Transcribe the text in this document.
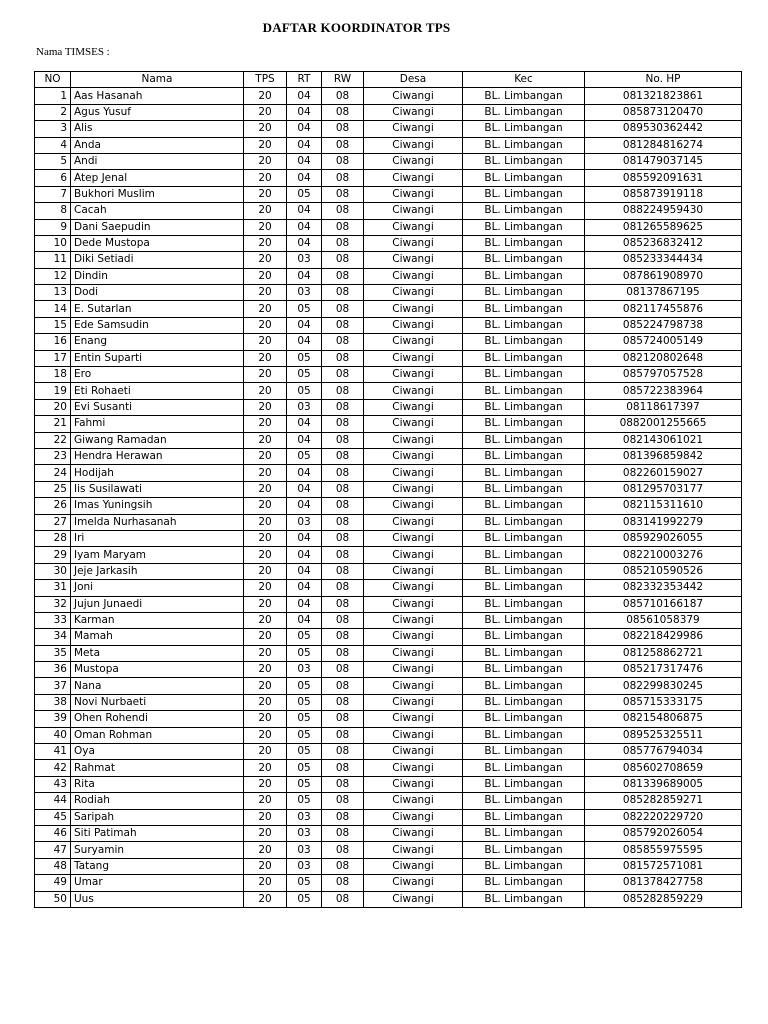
DAFTAR KOORDINATOR TPS
Nama TIMSES :
NO	Nama	TPS	RT	RW	Desa	Kec	No. HP
1	Aas Hasanah	20	04	08	Ciwangi	BL. Limbangan	081321823861
2	Agus Yusuf	20	04	08	Ciwangi	BL. Limbangan	085873120470
3	Alis	20	04	08	Ciwangi	BL. Limbangan	089530362442
4	Anda	20	04	08	Ciwangi	BL. Limbangan	081284816274
5	Andi	20	04	08	Ciwangi	BL. Limbangan	081479037145
6	Atep Jenal	20	04	08	Ciwangi	BL. Limbangan	085592091631
7	Bukhori Muslim	20	05	08	Ciwangi	BL. Limbangan	085873919118
8	Cacah	20	04	08	Ciwangi	BL. Limbangan	088224959430
9	Dani Saepudin	20	04	08	Ciwangi	BL. Limbangan	081265589625
10	Dede Mustopa	20	04	08	Ciwangi	BL. Limbangan	085236832412
11	Diki Setiadi	20	03	08	Ciwangi	BL. Limbangan	085233344434
12	Dindin	20	04	08	Ciwangi	BL. Limbangan	087861908970
13	Dodi	20	03	08	Ciwangi	BL. Limbangan	08137867195
14	E. Sutarlan	20	05	08	Ciwangi	BL. Limbangan	082117455876
15	Ede Samsudin	20	04	08	Ciwangi	BL. Limbangan	085224798738
16	Enang	20	04	08	Ciwangi	BL. Limbangan	085724005149
17	Entin Suparti	20	05	08	Ciwangi	BL. Limbangan	082120802648
18	Ero	20	05	08	Ciwangi	BL. Limbangan	085797057528
19	Eti Rohaeti	20	05	08	Ciwangi	BL. Limbangan	085722383964
20	Evi Susanti	20	03	08	Ciwangi	BL. Limbangan	08118617397
21	Fahmi	20	04	08	Ciwangi	BL. Limbangan	0882001255665
22	Giwang Ramadan	20	04	08	Ciwangi	BL. Limbangan	082143061021
23	Hendra Herawan	20	05	08	Ciwangi	BL. Limbangan	081396859842
24	Hodijah	20	04	08	Ciwangi	BL. Limbangan	082260159027
25	Iis Susilawati	20	04	08	Ciwangi	BL. Limbangan	081295703177
26	Imas Yuningsih	20	04	08	Ciwangi	BL. Limbangan	082115311610
27	Imelda Nurhasanah	20	03	08	Ciwangi	BL. Limbangan	083141992279
28	Iri	20	04	08	Ciwangi	BL. Limbangan	085929026055
29	Iyam Maryam	20	04	08	Ciwangi	BL. Limbangan	082210003276
30	Jeje Jarkasih	20	04	08	Ciwangi	BL. Limbangan	085210590526
31	Joni	20	04	08	Ciwangi	BL. Limbangan	082332353442
32	Jujun Junaedi	20	04	08	Ciwangi	BL. Limbangan	085710166187
33	Karman	20	04	08	Ciwangi	BL. Limbangan	08561058379
34	Mamah	20	05	08	Ciwangi	BL. Limbangan	082218429986
35	Meta	20	05	08	Ciwangi	BL. Limbangan	081258862721
36	Mustopa	20	03	08	Ciwangi	BL. Limbangan	085217317476
37	Nana	20	05	08	Ciwangi	BL. Limbangan	082299830245
38	Novi Nurbaeti	20	05	08	Ciwangi	BL. Limbangan	085715333175
39	Ohen Rohendi	20	05	08	Ciwangi	BL. Limbangan	082154806875
40	Oman Rohman	20	05	08	Ciwangi	BL. Limbangan	089525325511
41	Oya	20	05	08	Ciwangi	BL. Limbangan	085776794034
42	Rahmat	20	05	08	Ciwangi	BL. Limbangan	085602708659
43	Rita	20	05	08	Ciwangi	BL. Limbangan	081339689005
44	Rodiah	20	05	08	Ciwangi	BL. Limbangan	085282859271
45	Saripah	20	03	08	Ciwangi	BL. Limbangan	082220229720
46	Siti Patimah	20	03	08	Ciwangi	BL. Limbangan	085792026054
47	Suryamin	20	03	08	Ciwangi	BL. Limbangan	085855975595
48	Tatang	20	03	08	Ciwangi	BL. Limbangan	081572571081
49	Umar	20	05	08	Ciwangi	BL. Limbangan	081378427758
50	Uus	20	05	08	Ciwangi	BL. Limbangan	085282859229
